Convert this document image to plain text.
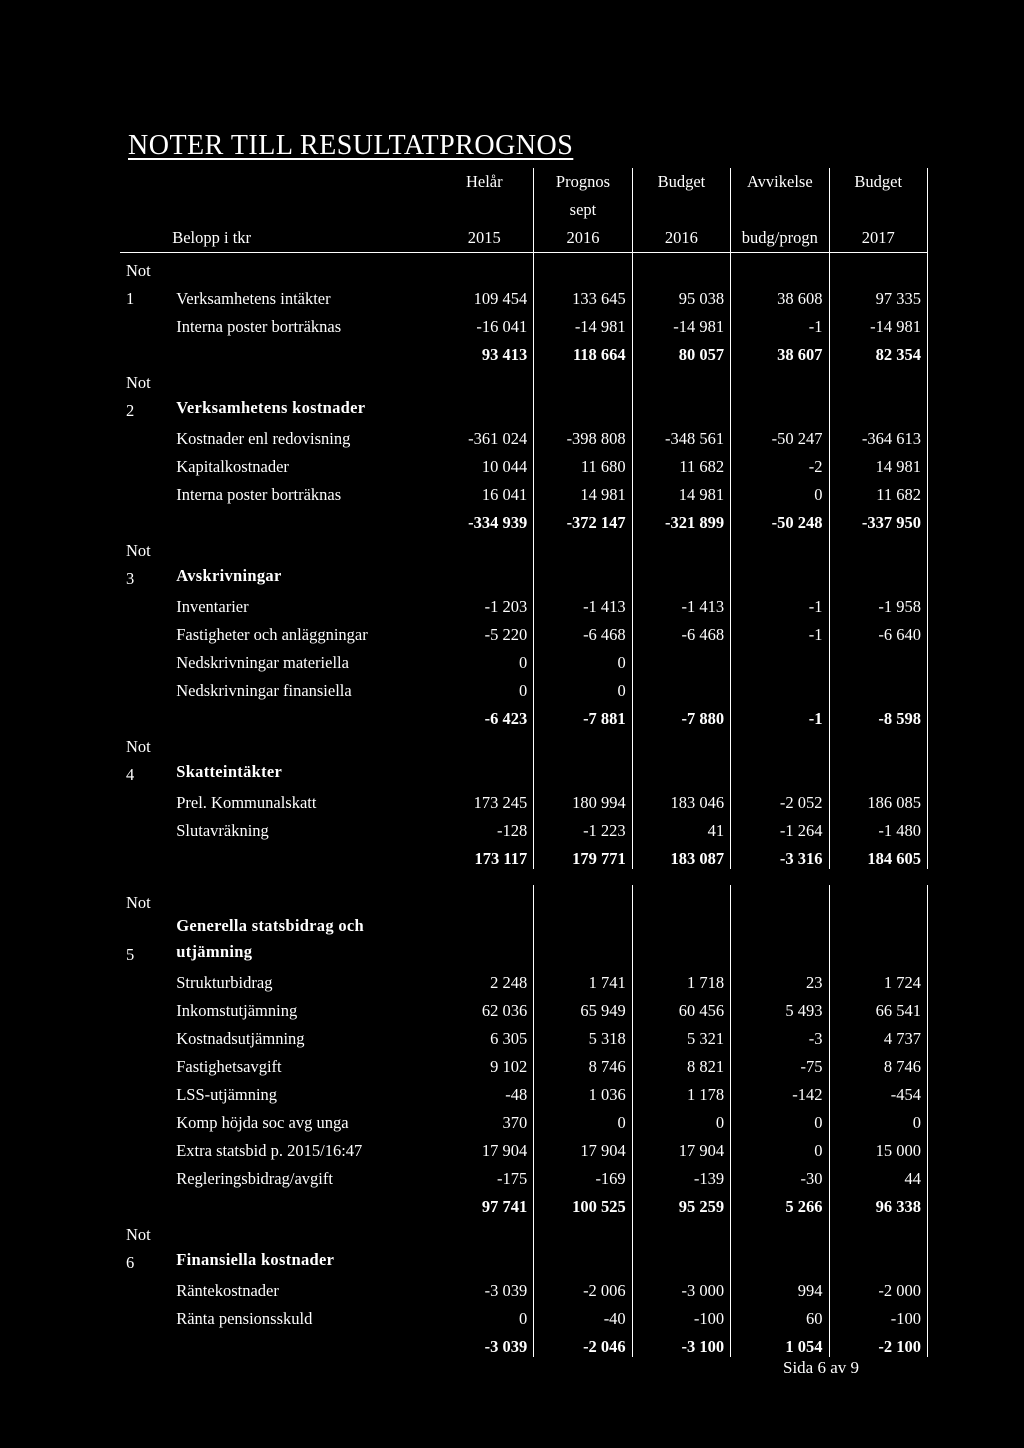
NOTER TILL RESULTATPROGNOS
		Helår	Prognos	Budget	Avvikelse	Budget
			sept			
	Belopp i tkr	2015	2016	2016	budg/progn	2017
Not						
1	Verksamhetens intäkter	109 454	133 645	95 038	38 608	97 335
	Interna poster borträknas	-16 041	-14 981	-14 981	-1	-14 981
		93 413	118 664	80 057	38 607	82 354
Not						
2	Verksamhetens kostnader					
	Kostnader enl redovisning	-361 024	-398 808	-348 561	-50 247	-364 613
	Kapitalkostnader	10 044	11 680	11 682	-2	14 981
	Interna poster borträknas	16 041	14 981	14 981	0	11 682
		-334 939	-372 147	-321 899	-50 248	-337 950
Not						
3	Avskrivningar					
	Inventarier	-1 203	-1 413	-1 413	-1	-1 958
	Fastigheter och anläggningar	-5 220	-6 468	-6 468	-1	-6 640
	Nedskrivningar materiella	0	0			
	Nedskrivningar finansiella	0	0			
		-6 423	-7 881	-7 880	-1	-8 598
Not						
4	Skatteintäkter					
	Prel. Kommunalskatt	173 245	180 994	183 046	-2 052	186 085
	Slutavräkning	-128	-1 223	41	-1 264	-1 480
		173 117	179 771	183 087	-3 316	184 605

Not						
5	Generella statsbidrag och utjämning					
	Strukturbidrag	2 248	1 741	1 718	23	1 724
	Inkomstutjämning	62 036	65 949	60 456	5 493	66 541
	Kostnadsutjämning	6 305	5 318	5 321	-3	4 737
	Fastighetsavgift	9 102	8 746	8 821	-75	8 746
	LSS-utjämning	-48	1 036	1 178	-142	-454
	Komp höjda soc avg unga	370	0	0	0	0
	Extra statsbid p. 2015/16:47	17 904	17 904	17 904	0	15 000
	Regleringsbidrag/avgift	-175	-169	-139	-30	44
		97 741	100 525	95 259	5 266	96 338
Not						
6	Finansiella kostnader					
	Räntekostnader	-3 039	-2 006	-3 000	994	-2 000
	Ränta pensionsskuld	0	-40	-100	60	-100
		-3 039	-2 046	-3 100	1 054	-2 100
Sida 6 av 9
